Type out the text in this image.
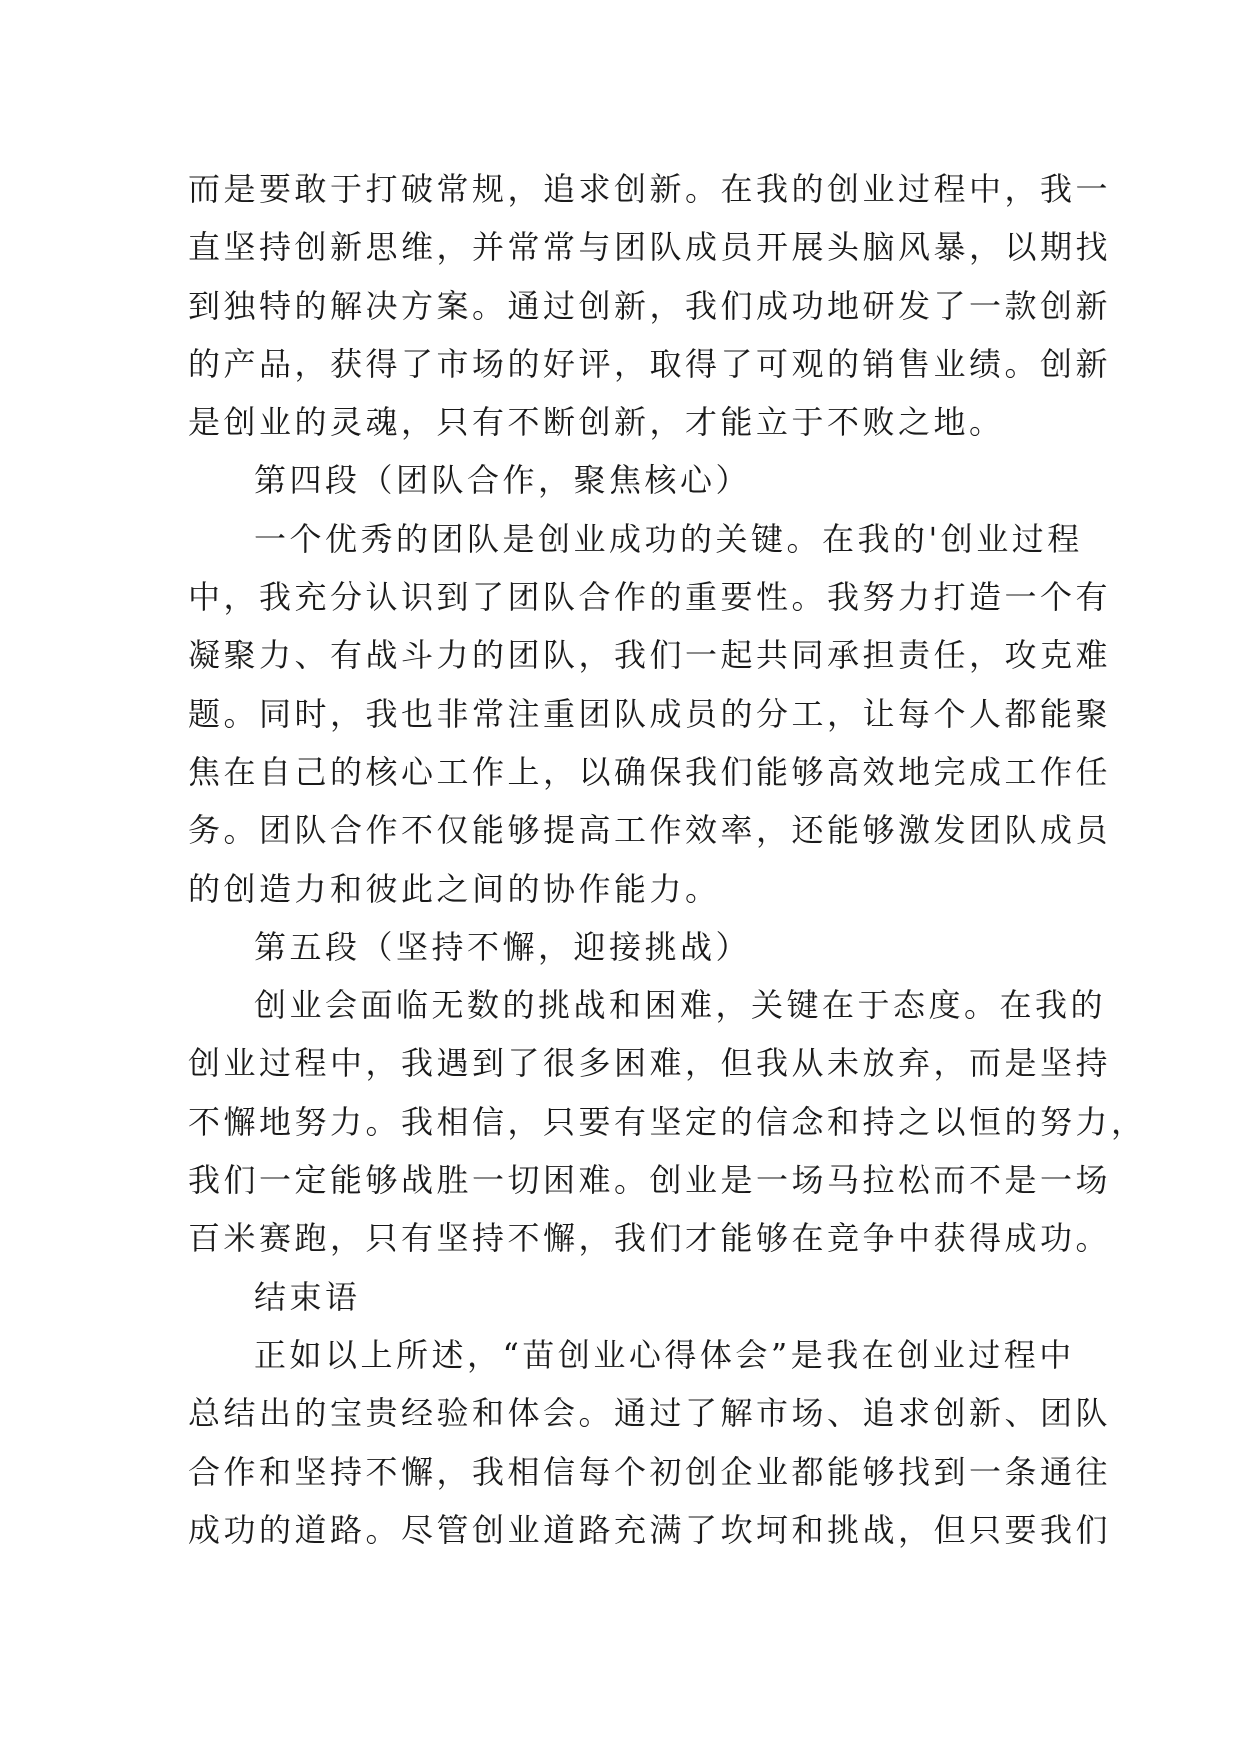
而是要敢于打破常规，追求创新。在我的创业过程中，我一
直坚持创新思维，并常常与团队成员开展头脑风暴，以期找
到独特的解决方案。通过创新，我们成功地研发了一款创新
的产品，获得了市场的好评，取得了可观的销售业绩。创新
是创业的灵魂，只有不断创新，才能立于不败之地。
第四段（团队合作，聚焦核心）
一个优秀的团队是创业成功的关键。在我的'创业过程
中，我充分认识到了团队合作的重要性。我努力打造一个有
凝聚力、有战斗力的团队，我们一起共同承担责任，攻克难
题。同时，我也非常注重团队成员的分工，让每个人都能聚
焦在自己的核心工作上，以确保我们能够高效地完成工作任
务。团队合作不仅能够提高工作效率，还能够激发团队成员
的创造力和彼此之间的协作能力。
第五段（坚持不懈，迎接挑战）
创业会面临无数的挑战和困难，关键在于态度。在我的
创业过程中，我遇到了很多困难，但我从未放弃，而是坚持
不懈地努力。我相信，只要有坚定的信念和持之以恒的努力，
我们一定能够战胜一切困难。创业是一场马拉松而不是一场
百米赛跑，只有坚持不懈，我们才能够在竞争中获得成功。
结束语
正如以上所述，“苗创业心得体会”是我在创业过程中
总结出的宝贵经验和体会。通过了解市场、追求创新、团队
合作和坚持不懈，我相信每个初创企业都能够找到一条通往
成功的道路。尽管创业道路充满了坎坷和挑战，但只要我们
